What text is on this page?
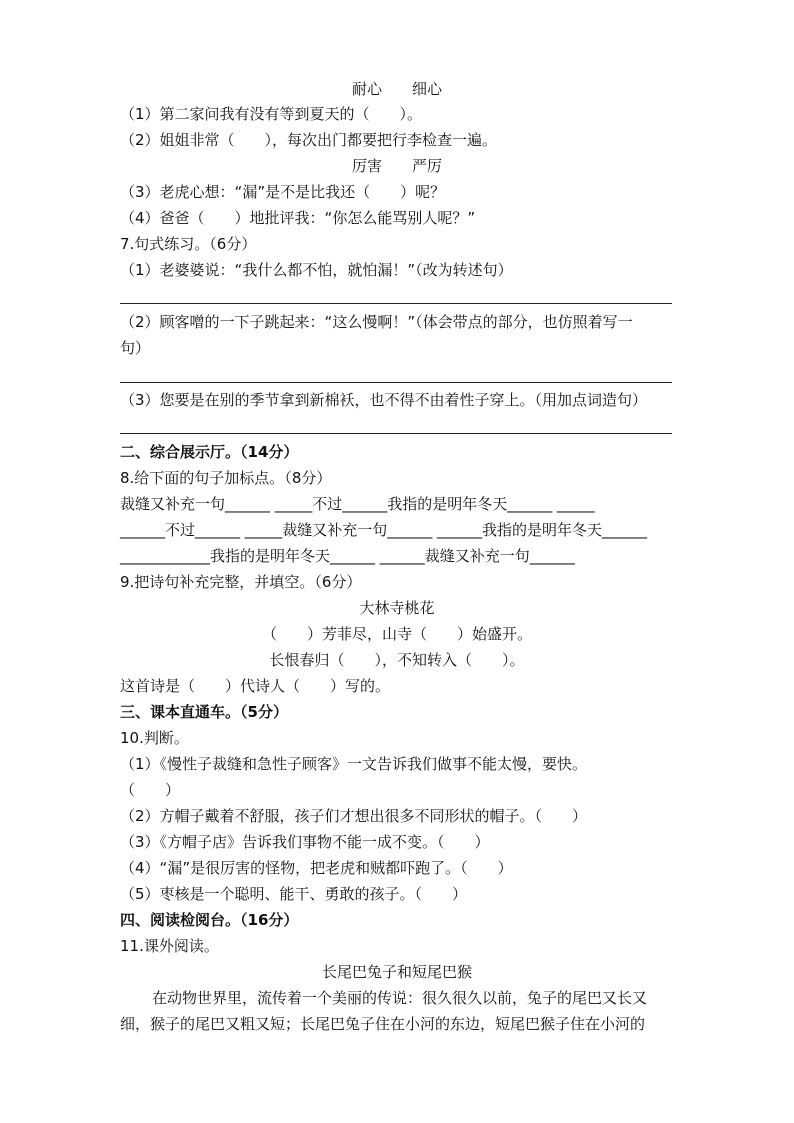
耐心　　细心
（1）第二家问我有没有等到夏天的（　　）。
（2）姐姐非常（　　），每次出门都要把行李检查一遍。
厉害　　严厉
（3）老虎心想：“漏”是不是比我还（　　）呢？
（4）爸爸（　　）地批评我：“你怎么能骂别人呢？”
7.句式练习。（6分）
（1）老婆婆说：“我什么都不怕，就怕漏！”（改为转述句）
（2）顾客噌的一下子跳起来：“这么慢啊！”（体会带点的部分，也仿照着写一
句）
（3）您要是在别的季节拿到新棉袄，也不得不由着性子穿上。（用加点词造句）
二、综合展示厅。（14分）
8.给下面的句子加标点。（8分）
裁缝又补充一句______ _____不过______我指的是明年冬天______ _____
______不过______ _____裁缝又补充一句______ ______我指的是明年冬天______
____________我指的是明年冬天______ ______裁缝又补充一句______
9.把诗句补充完整，并填空。（6分）
大林寺桃花
（　　）芳菲尽，山寺（　　）始盛开。
长恨春归（　　），不知转入（　　）。
这首诗是（　　）代诗人（　　）写的。
三、课本直通车。（5分）
10.判断。
（1）《慢性子裁缝和急性子顾客》一文告诉我们做事不能太慢，要快。
（　　）
（2）方帽子戴着不舒服，孩子们才想出很多不同形状的帽子。（　　）
（3）《方帽子店》告诉我们事物不能一成不变。（　　）
（4）“漏”是很厉害的怪物，把老虎和贼都吓跑了。（　　）
（5）枣核是一个聪明、能干、勇敢的孩子。（　　）
四、阅读检阅台。（16分）
11.课外阅读。
长尾巴兔子和短尾巴猴
在动物世界里，流传着一个美丽的传说：很久很久以前，兔子的尾巴又长又
细，猴子的尾巴又粗又短；长尾巴兔子住在小河的东边，短尾巴猴子住在小河的
